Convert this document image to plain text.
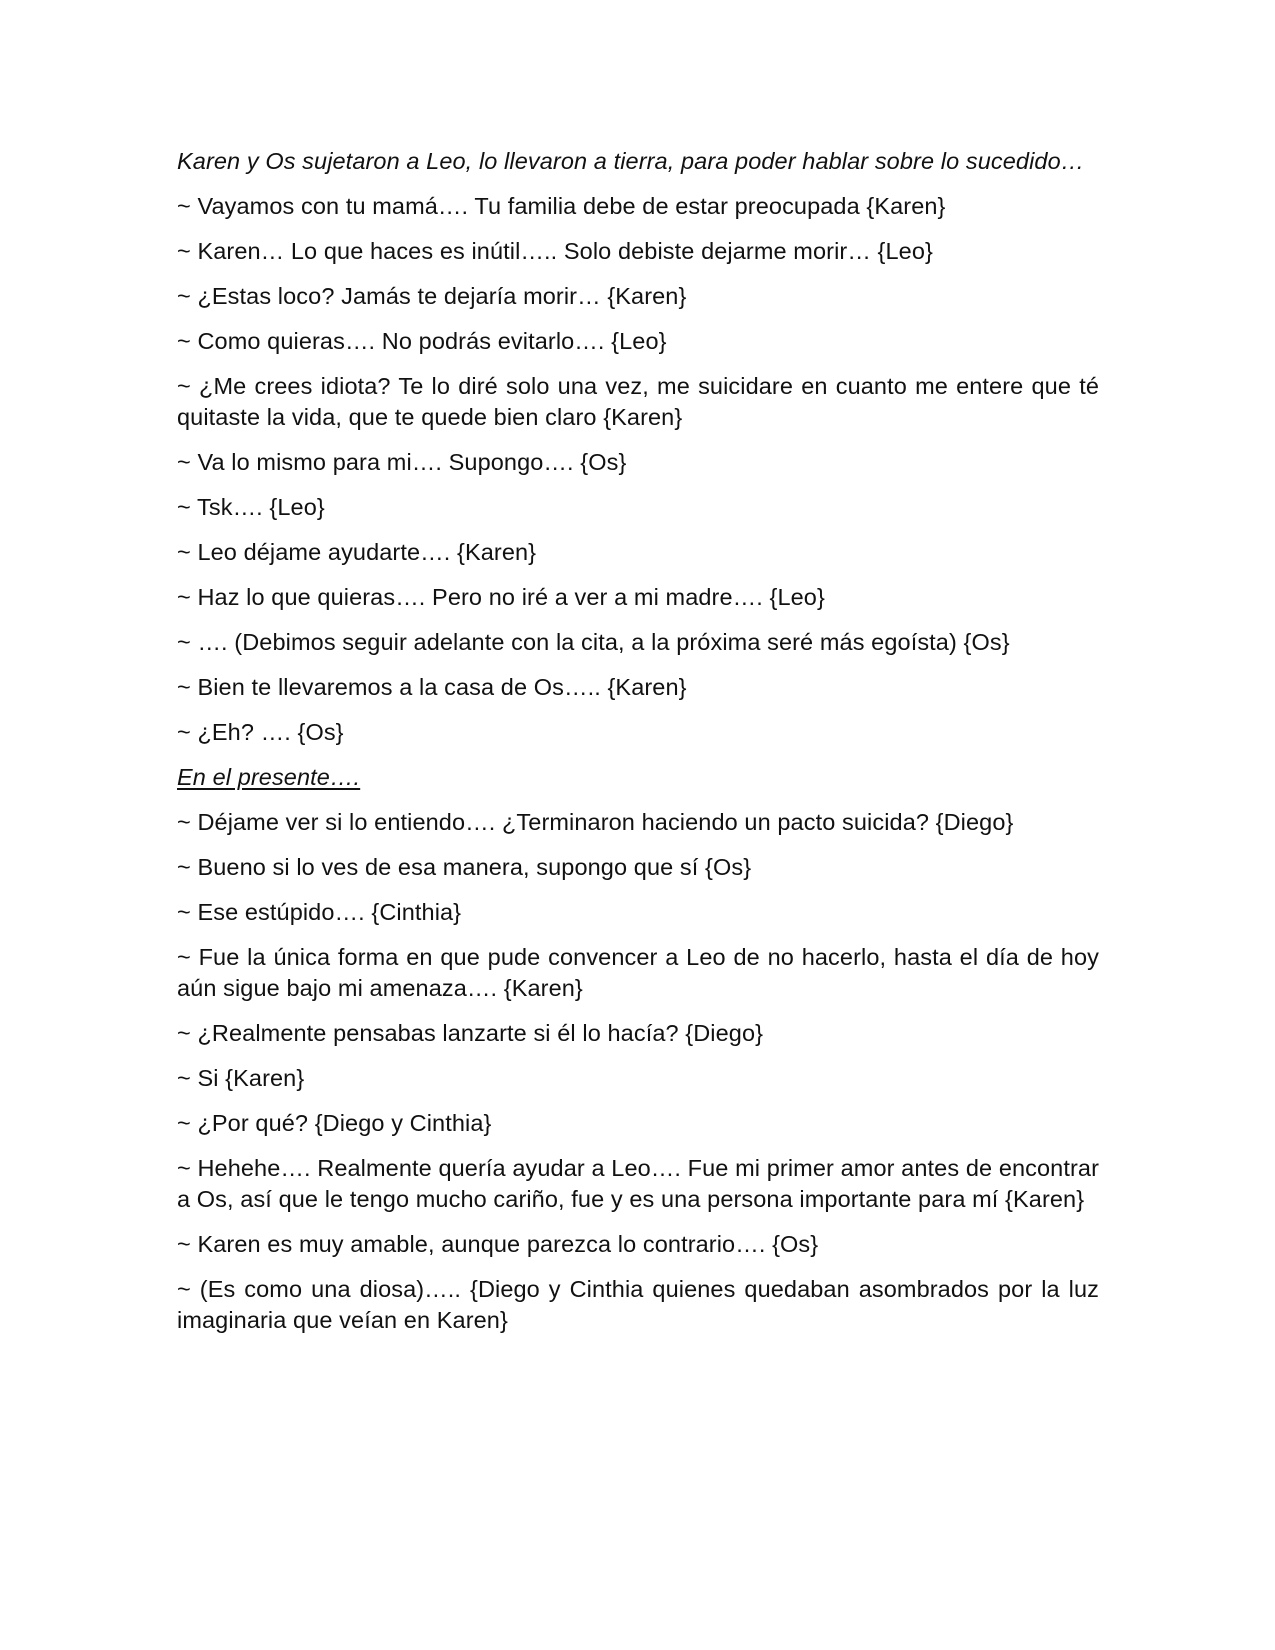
Karen y Os sujetaron a Leo, lo llevaron a tierra, para poder hablar sobre lo sucedido…

~ Vayamos con tu mamá…. Tu familia debe de estar preocupada {Karen}

~ Karen… Lo que haces es inútil….. Solo debiste dejarme morir… {Leo}

~ ¿Estas loco? Jamás te dejaría morir… {Karen}

~ Como quieras…. No podrás evitarlo…. {Leo}

~ ¿Me crees idiota? Te lo diré solo una vez, me suicidare en cuanto me entere que té quitaste la vida, que te quede bien claro {Karen}

~ Va lo mismo para mi…. Supongo…. {Os}

~ Tsk…. {Leo}

~ Leo déjame ayudarte…. {Karen}

~ Haz lo que quieras…. Pero no iré a ver a mi madre…. {Leo}

~ …. (Debimos seguir adelante con la cita, a la próxima seré más egoísta) {Os}

~ Bien te llevaremos a la casa de Os….. {Karen}

~ ¿Eh? …. {Os}

En el presente….

~ Déjame ver si lo entiendo…. ¿Terminaron haciendo un pacto suicida? {Diego}

~ Bueno si lo ves de esa manera, supongo que sí {Os}

~ Ese estúpido…. {Cinthia}

~ Fue la única forma en que pude convencer a Leo de no hacerlo, hasta el día de hoy aún sigue bajo mi amenaza…. {Karen}

~ ¿Realmente pensabas lanzarte si él lo hacía? {Diego}

~ Si {Karen}

~ ¿Por qué? {Diego y Cinthia}

~ Hehehe…. Realmente quería ayudar a Leo…. Fue mi primer amor antes de encontrar a Os, así que le tengo mucho cariño, fue y es una persona importante para mí {Karen}

~ Karen es muy amable, aunque parezca lo contrario…. {Os}

~ (Es como una diosa)….. {Diego y Cinthia quienes quedaban asombrados por la luz imaginaria que veían en Karen}
